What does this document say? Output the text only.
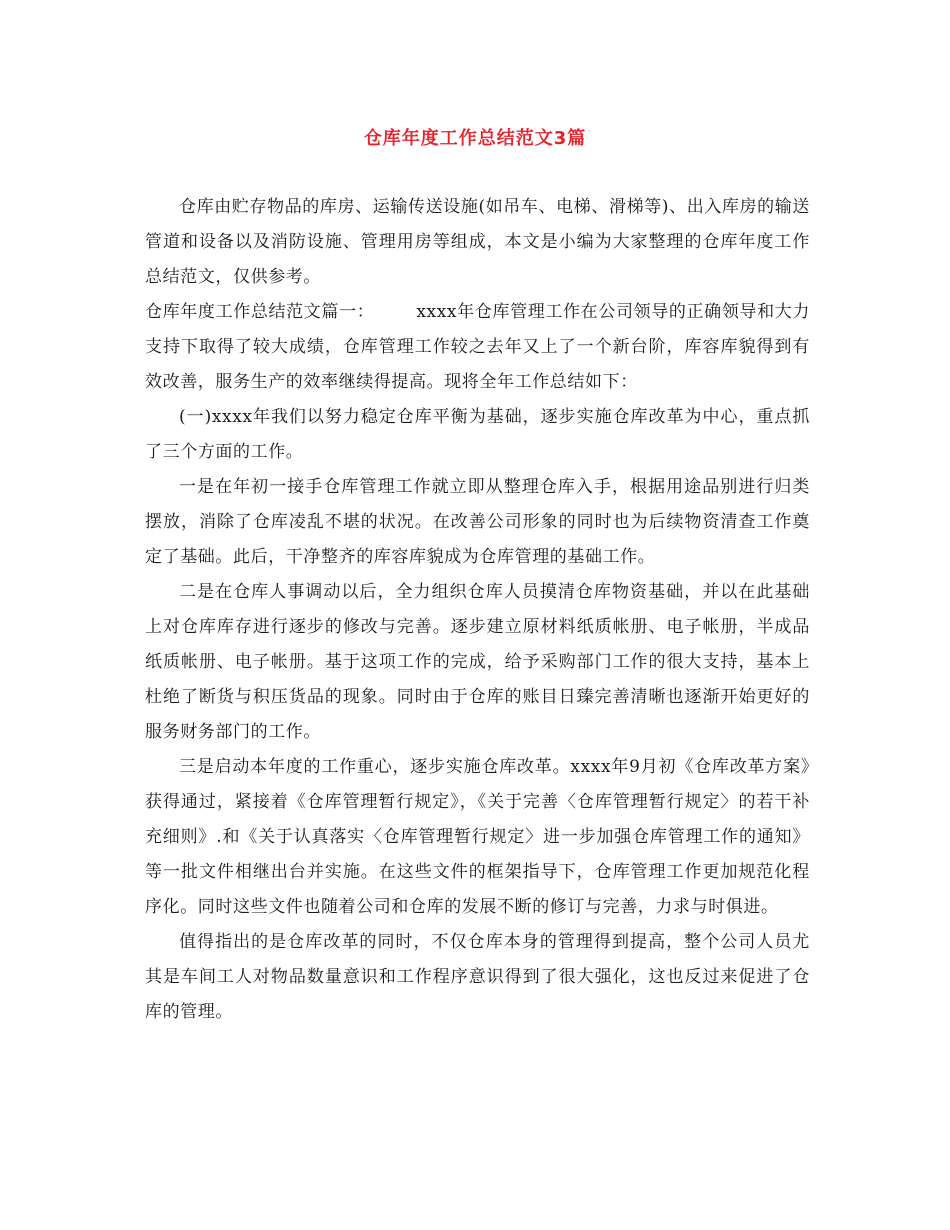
仓库年度工作总结范文3篇

仓库由贮存物品的库房、运输传送设施(如吊车、电梯、滑梯等)、出入库房的输送管道和设备以及消防设施、管理用房等组成，本文是小编为大家整理的仓库年度工作总结范文，仅供参考。

仓库年度工作总结范文篇一： xxxx年仓库管理工作在公司领导的正确领导和大力支持下取得了较大成绩，仓库管理工作较之去年又上了一个新台阶，库容库貌得到有效改善，服务生产的效率继续得提高。现将全年工作总结如下：

(一)xxxx年我们以努力稳定仓库平衡为基础，逐步实施仓库改革为中心，重点抓了三个方面的工作。

一是在年初一接手仓库管理工作就立即从整理仓库入手，根据用途品别进行归类摆放，消除了仓库凌乱不堪的状况。在改善公司形象的同时也为后续物资清查工作奠定了基础。此后，干净整齐的库容库貌成为仓库管理的基础工作。

二是在仓库人事调动以后，全力组织仓库人员摸清仓库物资基础，并以在此基础上对仓库库存进行逐步的修改与完善。逐步建立原材料纸质帐册、电子帐册，半成品纸质帐册、电子帐册。基于这项工作的完成，给予采购部门工作的很大支持，基本上杜绝了断货与积压货品的现象。同时由于仓库的账目日臻完善清晰也逐渐开始更好的服务财务部门的工作。

三是启动本年度的工作重心，逐步实施仓库改革。xxxx年9月初《仓库改革方案》获得通过，紧接着《仓库管理暂行规定》，《关于完善〈仓库管理暂行规定〉的若干补充细则》.和《关于认真落实〈仓库管理暂行规定〉进一步加强仓库管理工作的通知》等一批文件相继出台并实施。在这些文件的框架指导下，仓库管理工作更加规范化程序化。同时这些文件也随着公司和仓库的发展不断的修订与完善，力求与时俱进。

值得指出的是仓库改革的同时，不仅仓库本身的管理得到提高，整个公司人员尤其是车间工人对物品数量意识和工作程序意识得到了很大强化，这也反过来促进了仓库的管理。
